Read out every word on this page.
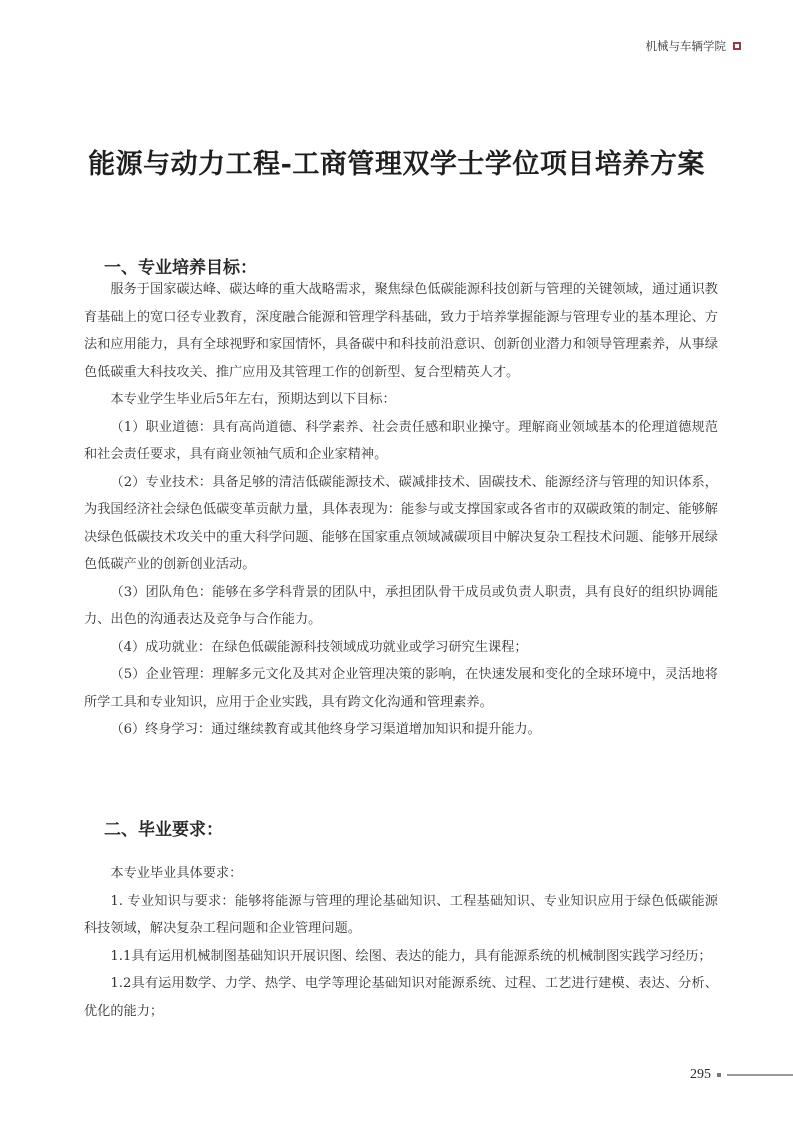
机械与车辆学院
能源与动力工程-工商管理双学士学位项目培养方案
一、专业培养目标：

服务于国家碳达峰、碳达峰的重大战略需求，聚焦绿色低碳能源科技创新与管理的关键领域，通过通识教育基础上的宽口径专业教育，深度融合能源和管理学科基础，致力于培养掌握能源与管理专业的基本理论、方法和应用能力，具有全球视野和家国情怀，具备碳中和科技前沿意识、创新创业潜力和领导管理素养，从事绿色低碳重大科技攻关、推广应用及其管理工作的创新型、复合型精英人才。

本专业学生毕业后5年左右，预期达到以下目标：

（1）职业道德：具有高尚道德、科学素养、社会责任感和职业操守。理解商业领域基本的伦理道德规范和社会责任要求，具有商业领袖气质和企业家精神。

（2）专业技术：具备足够的清洁低碳能源技术、碳减排技术、固碳技术、能源经济与管理的知识体系，为我国经济社会绿色低碳变革贡献力量，具体表现为：能参与或支撑国家或各省市的双碳政策的制定、能够解决绿色低碳技术攻关中的重大科学问题、能够在国家重点领域减碳项目中解决复杂工程技术问题、能够开展绿色低碳产业的创新创业活动。

（3）团队角色：能够在多学科背景的团队中，承担团队骨干成员或负责人职责，具有良好的组织协调能力、出色的沟通表达及竞争与合作能力。

（4）成功就业：在绿色低碳能源科技领域成功就业或学习研究生课程；

（5）企业管理：理解多元文化及其对企业管理决策的影响，在快速发展和变化的全球环境中，灵活地将所学工具和专业知识，应用于企业实践，具有跨文化沟通和管理素养。

（6）终身学习：通过继续教育或其他终身学习渠道增加知识和提升能力。

二、毕业要求：

本专业毕业具体要求：

1. 专业知识与要求：能够将能源与管理的理论基础知识、工程基础知识、专业知识应用于绿色低碳能源科技领域，解决复杂工程问题和企业管理问题。

1.1具有运用机械制图基础知识开展识图、绘图、表达的能力，具有能源系统的机械制图实践学习经历；

1.2具有运用数学、力学、热学、电学等理论基础知识对能源系统、过程、工艺进行建模、表达、分析、优化的能力；

295
